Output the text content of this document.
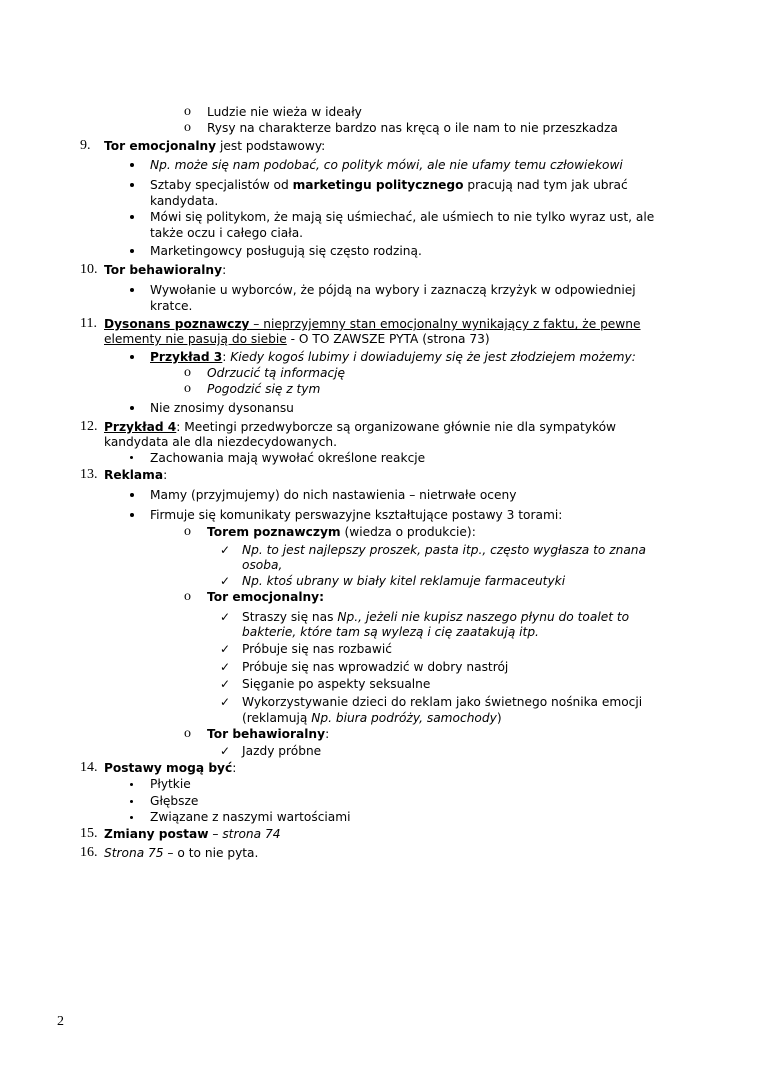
o Ludzie nie wieża w ideały
o Rysy na charakterze bardzo nas kręcą o ile nam to nie przeszkadza
9. Tor emocjonalny jest podstawowy:
Np. może się nam podobać, co polityk mówi, ale nie ufamy temu człowiekowi
Sztaby specjalistów od marketingu politycznego pracują nad tym jak ubrać
kandydata.
Mówi się politykom, że mają się uśmiechać, ale uśmiech to nie tylko wyraz ust, ale
także oczu i całego ciała.
Marketingowcy posługują się często rodziną.
10. Tor behawioralny:
Wywołanie u wyborców, że pójdą na wybory i zaznaczą krzyżyk w odpowiedniej
kratce.
11. Dysonans poznawczy – nieprzyjemny stan emocjonalny wynikający z faktu, że pewne
elementy nie pasują do siebie - O TO ZAWSZE PYTA (strona 73)
Przykład 3: Kiedy kogoś lubimy i dowiadujemy się że jest złodziejem możemy:
o Odrzucić tą informację
o Pogodzić się z tym
Nie znosimy dysonansu
12. Przykład 4: Meetingi przedwyborcze są organizowane głównie nie dla sympatyków
kandydata ale dla niezdecydowanych.
Zachowania mają wywołać określone reakcje
13. Reklama:
Mamy (przyjmujemy) do nich nastawienia – nietrwałe oceny
Firmuje się komunikaty perswazyjne kształtujące postawy 3 torami:
o Torem poznawczym (wiedza o produkcie):
✓ Np. to jest najlepszy proszek, pasta itp., często wygłasza to znana
osoba,
✓ Np. ktoś ubrany w biały kitel reklamuje farmaceutyki
o Tor emocjonalny:
✓ Straszy się nas Np., jeżeli nie kupisz naszego płynu do toalet to
bakterie, które tam są wylezą i cię zaatakują itp.
✓ Próbuje się nas rozbawić
✓ Próbuje się nas wprowadzić w dobry nastrój
✓ Sięganie po aspekty seksualne
✓ Wykorzystywanie dzieci do reklam jako świetnego nośnika emocji
(reklamują Np. biura podróży, samochody)
o Tor behawioralny:
✓ Jazdy próbne
14. Postawy mogą być:
Płytkie
Głębsze
Związane z naszymi wartościami
15. Zmiany postaw – strona 74
16. Strona 75 – o to nie pyta.
2
